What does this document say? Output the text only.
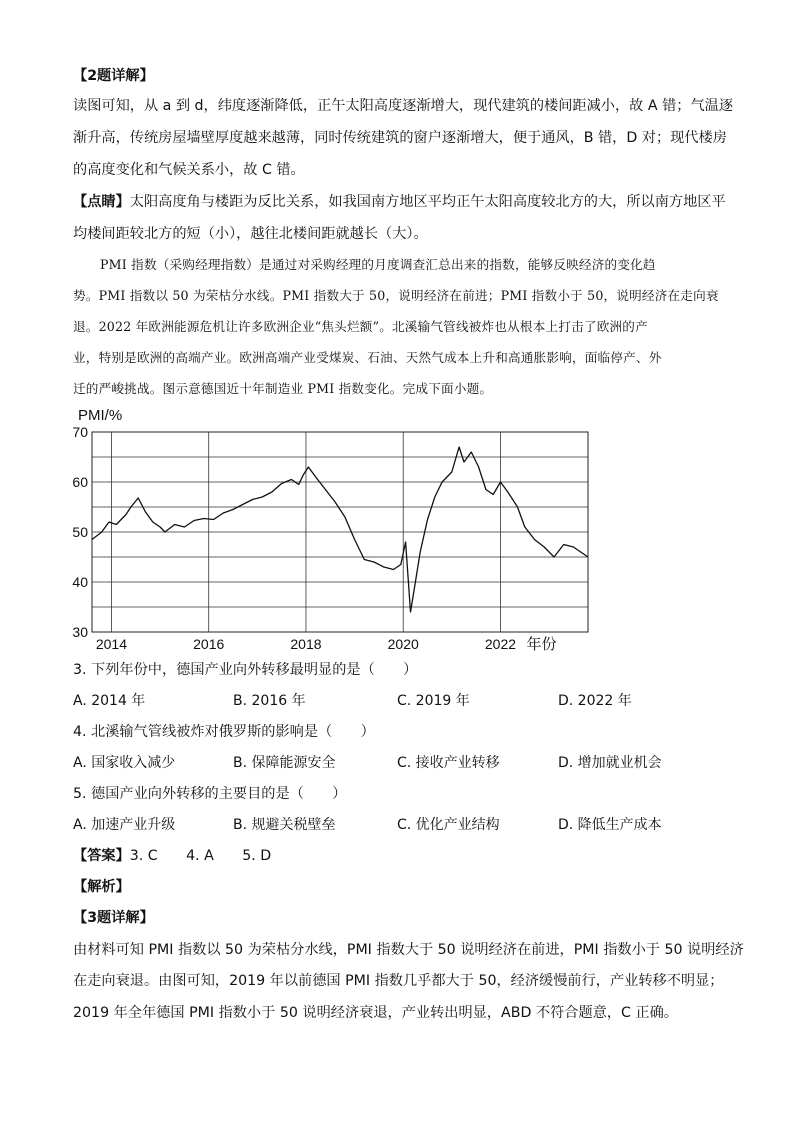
【2题详解】
读图可知，从 a 到 d，纬度逐渐降低，正午太阳高度逐渐增大，现代建筑的楼间距减小，故 A 错；气温逐
渐升高，传统房屋墙壁厚度越来越薄，同时传统建筑的窗户逐渐增大，便于通风，B 错，D 对；现代楼房
的高度变化和气候关系小，故 C 错。
【点睛】太阳高度角与楼距为反比关系，如我国南方地区平均正午太阳高度较北方的大，所以南方地区平
均楼间距较北方的短（小），越往北楼间距就越长（大）。
PMI 指数（采购经理指数）是通过对采购经理的月度调查汇总出来的指数，能够反映经济的变化趋
势。PMI 指数以 50 为荣枯分水线。PMI 指数大于 50，说明经济在前进；PMI 指数小于 50，说明经济在走向衰
退。2022 年欧洲能源危机让许多欧洲企业“焦头烂额”。北溪输气管线被炸也从根本上打击了欧洲的产
业，特别是欧洲的高端产业。欧洲高端产业受煤炭、石油、天然气成本上升和高通胀影响，面临停产、外
迁的严峻挑战。图示意德国近十年制造业 PMI 指数变化。完成下面小题。
PMI/%
70
60
50
40
30
2014	2016	2018	2020	2022 年份
3. 下列年份中，德国产业向外转移最明显的是（　　）
A. 2014 年	B. 2016 年	C. 2019 年	D. 2022 年
4. 北溪输气管线被炸对俄罗斯的影响是（　　）
A. 国家收入减少	B. 保障能源安全	C. 接收产业转移	D. 增加就业机会
5. 德国产业向外转移的主要目的是（　　）
A. 加速产业升级	B. 规避关税壁垒	C. 优化产业结构	D. 降低生产成本
【答案】3. C　　4. A　　5. D
【解析】
【3题详解】
由材料可知 PMI 指数以 50 为荣枯分水线，PMI 指数大于 50 说明经济在前进，PMI 指数小于 50 说明经济
在走向衰退。由图可知，2019 年以前德国 PMI 指数几乎都大于 50，经济缓慢前行，产业转移不明显；
2019 年全年德国 PMI 指数小于 50 说明经济衰退，产业转出明显，ABD 不符合题意，C 正确。
